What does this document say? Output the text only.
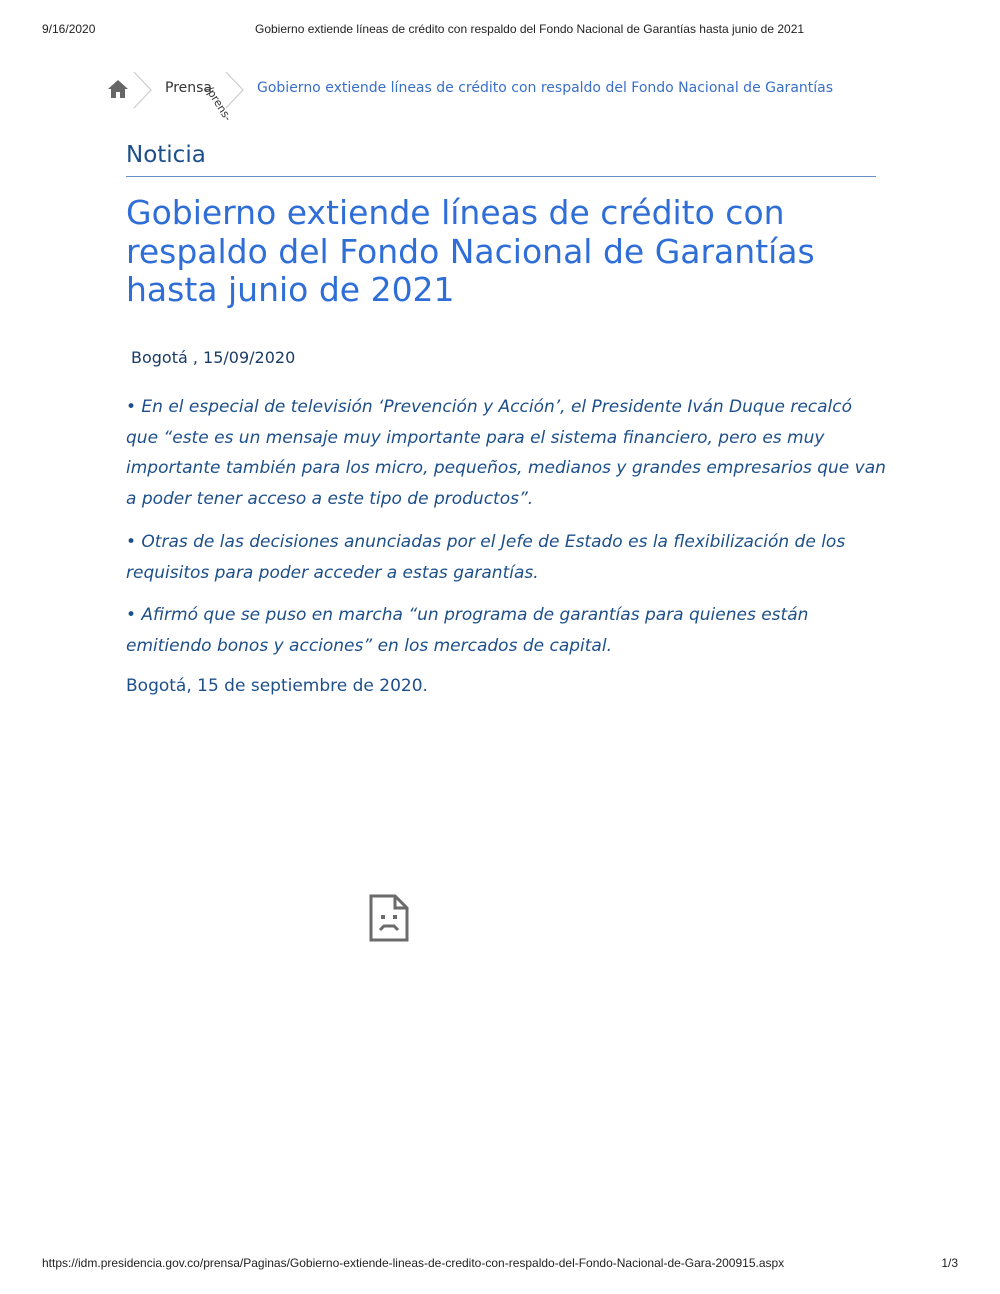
9/16/2020	Gobierno extiende líneas de crédito con respaldo del Fondo Nacional de Garantías hasta junio de 2021
Prensa
/prens- Gobierno extiende líneas de crédito con respaldo del Fondo Nacional de Garantías
Noticia
Gobierno extiende líneas de crédito con respaldo del Fondo Nacional de Garantías hasta junio de 2021
Bogotá , 15/09/2020

• En el especial de televisión ‘Prevención y Acción’, el Presidente Iván Duque recalcó que “este es un mensaje muy importante para el sistema financiero, pero es muy importante también para los micro, pequeños, medianos y grandes empresarios que van a poder tener acceso a este tipo de productos”.

• Otras de las decisiones anunciadas por el Jefe de Estado es la flexibilización de los requisitos para poder acceder a estas garantías.

• Afirmó que se puso en marcha “un programa de garantías para quienes están emitiendo bonos y acciones” en los mercados de capital.

Bogotá, 15 de septiembre de 2020.
https://idm.presidencia.gov.co/prensa/Paginas/Gobierno-extiende-lineas-de-credito-con-respaldo-del-Fondo-Nacional-de-Gara-200915.aspx	1/3
